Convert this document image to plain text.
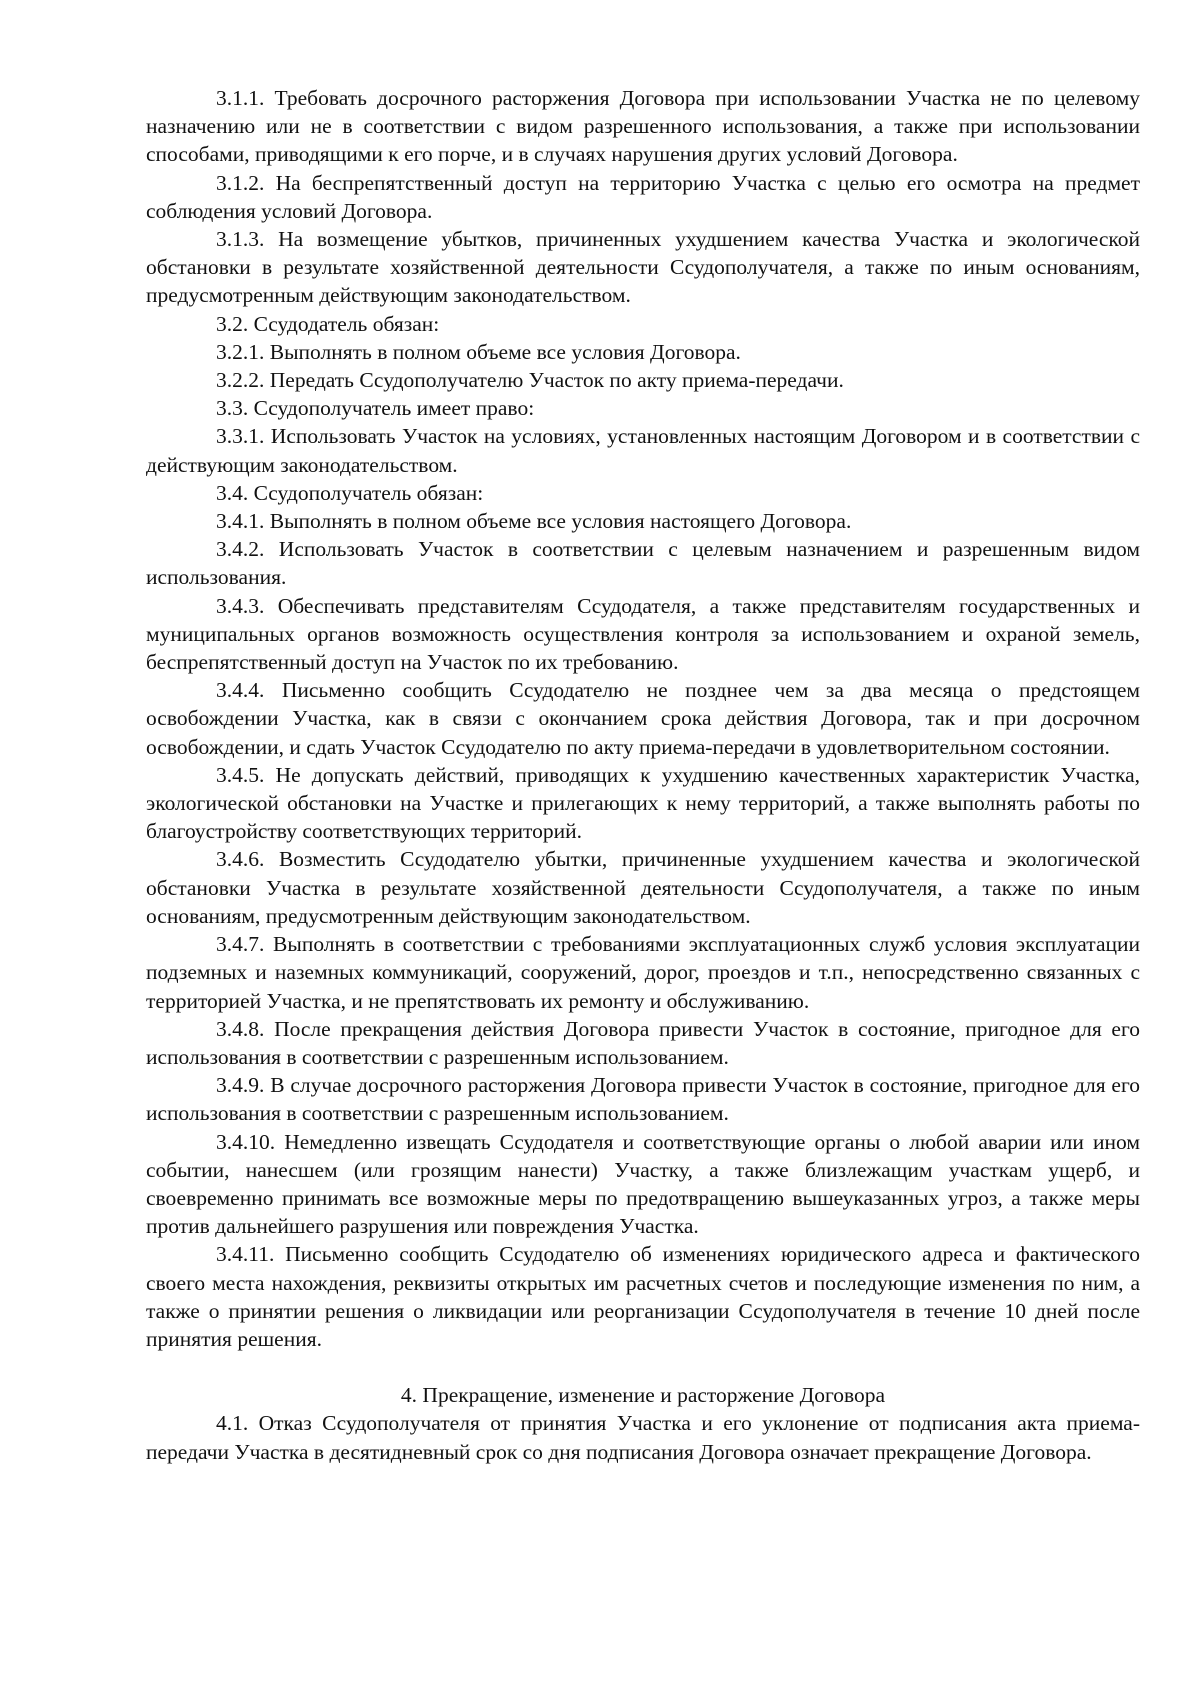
3.1.1. Требовать досрочного расторжения Договора при использовании Участка не по целевому назначению или не в соответствии с видом разрешенного использования, а также при использовании способами, приводящими к его порче, и в случаях нарушения других условий Договора.

3.1.2. На беспрепятственный доступ на территорию Участка с целью его осмотра на предмет соблюдения условий Договора.

3.1.3. На возмещение убытков, причиненных ухудшением качества Участка и экологической обстановки в результате хозяйственной деятельности Ссудополучателя, а также по иным основаниям, предусмотренным действующим законодательством.

3.2. Ссудодатель обязан:

3.2.1. Выполнять в полном объеме все условия Договора.

3.2.2. Передать Ссудополучателю Участок по акту приема-передачи.

3.3. Ссудополучатель имеет право:

3.3.1. Использовать Участок на условиях, установленных настоящим Договором и в соответствии с действующим законодательством.

3.4. Ссудополучатель обязан:

3.4.1. Выполнять в полном объеме все условия настоящего Договора.

3.4.2. Использовать Участок в соответствии с целевым назначением и разрешенным видом использования.

3.4.3. Обеспечивать представителям Ссудодателя, а также представителям государственных и муниципальных органов возможность осуществления контроля за использованием и охраной земель, беспрепятственный доступ на Участок по их требованию.

3.4.4. Письменно сообщить Ссудодателю не позднее чем за два месяца о предстоящем освобождении Участка, как в связи с окончанием срока действия Договора, так и при досрочном освобождении, и сдать Участок Ссудодателю по акту приема-передачи в удовлетворительном состоянии.

3.4.5. Не допускать действий, приводящих к ухудшению качественных характеристик Участка, экологической обстановки на Участке и прилегающих к нему территорий, а также выполнять работы по благоустройству соответствующих территорий.

3.4.6. Возместить Ссудодателю убытки, причиненные ухудшением качества и экологической обстановки Участка в результате хозяйственной деятельности Ссудополучателя, а также по иным основаниям, предусмотренным действующим законодательством.

3.4.7. Выполнять в соответствии с требованиями эксплуатационных служб условия эксплуатации подземных и наземных коммуникаций, сооружений, дорог, проездов и т.п., непосредственно связанных с территорией Участка, и не препятствовать их ремонту и обслуживанию.

3.4.8. После прекращения действия Договора привести Участок в состояние, пригодное для его использования в соответствии с разрешенным использованием.

3.4.9. В случае досрочного расторжения Договора привести Участок в состояние, пригодное для его использования в соответствии с разрешенным использованием.

3.4.10. Немедленно извещать Ссудодателя и соответствующие органы о любой аварии или ином событии, нанесшем (или грозящим нанести) Участку, а также близлежащим участкам ущерб, и своевременно принимать все возможные меры по предотвращению вышеуказанных угроз, а также меры против дальнейшего разрушения или повреждения Участка.

3.4.11. Письменно сообщить Ссудодателю об изменениях юридического адреса и фактического своего места нахождения, реквизиты открытых им расчетных счетов и последующие изменения по ним, а также о принятии решения о ликвидации или реорганизации Ссудополучателя в течение 10 дней после принятия решения.

4. Прекращение, изменение и расторжение Договора

4.1. Отказ Ссудополучателя от принятия Участка и его уклонение от подписания акта приема-передачи Участка в десятидневный срок со дня подписания Договора означает прекращение Договора.
